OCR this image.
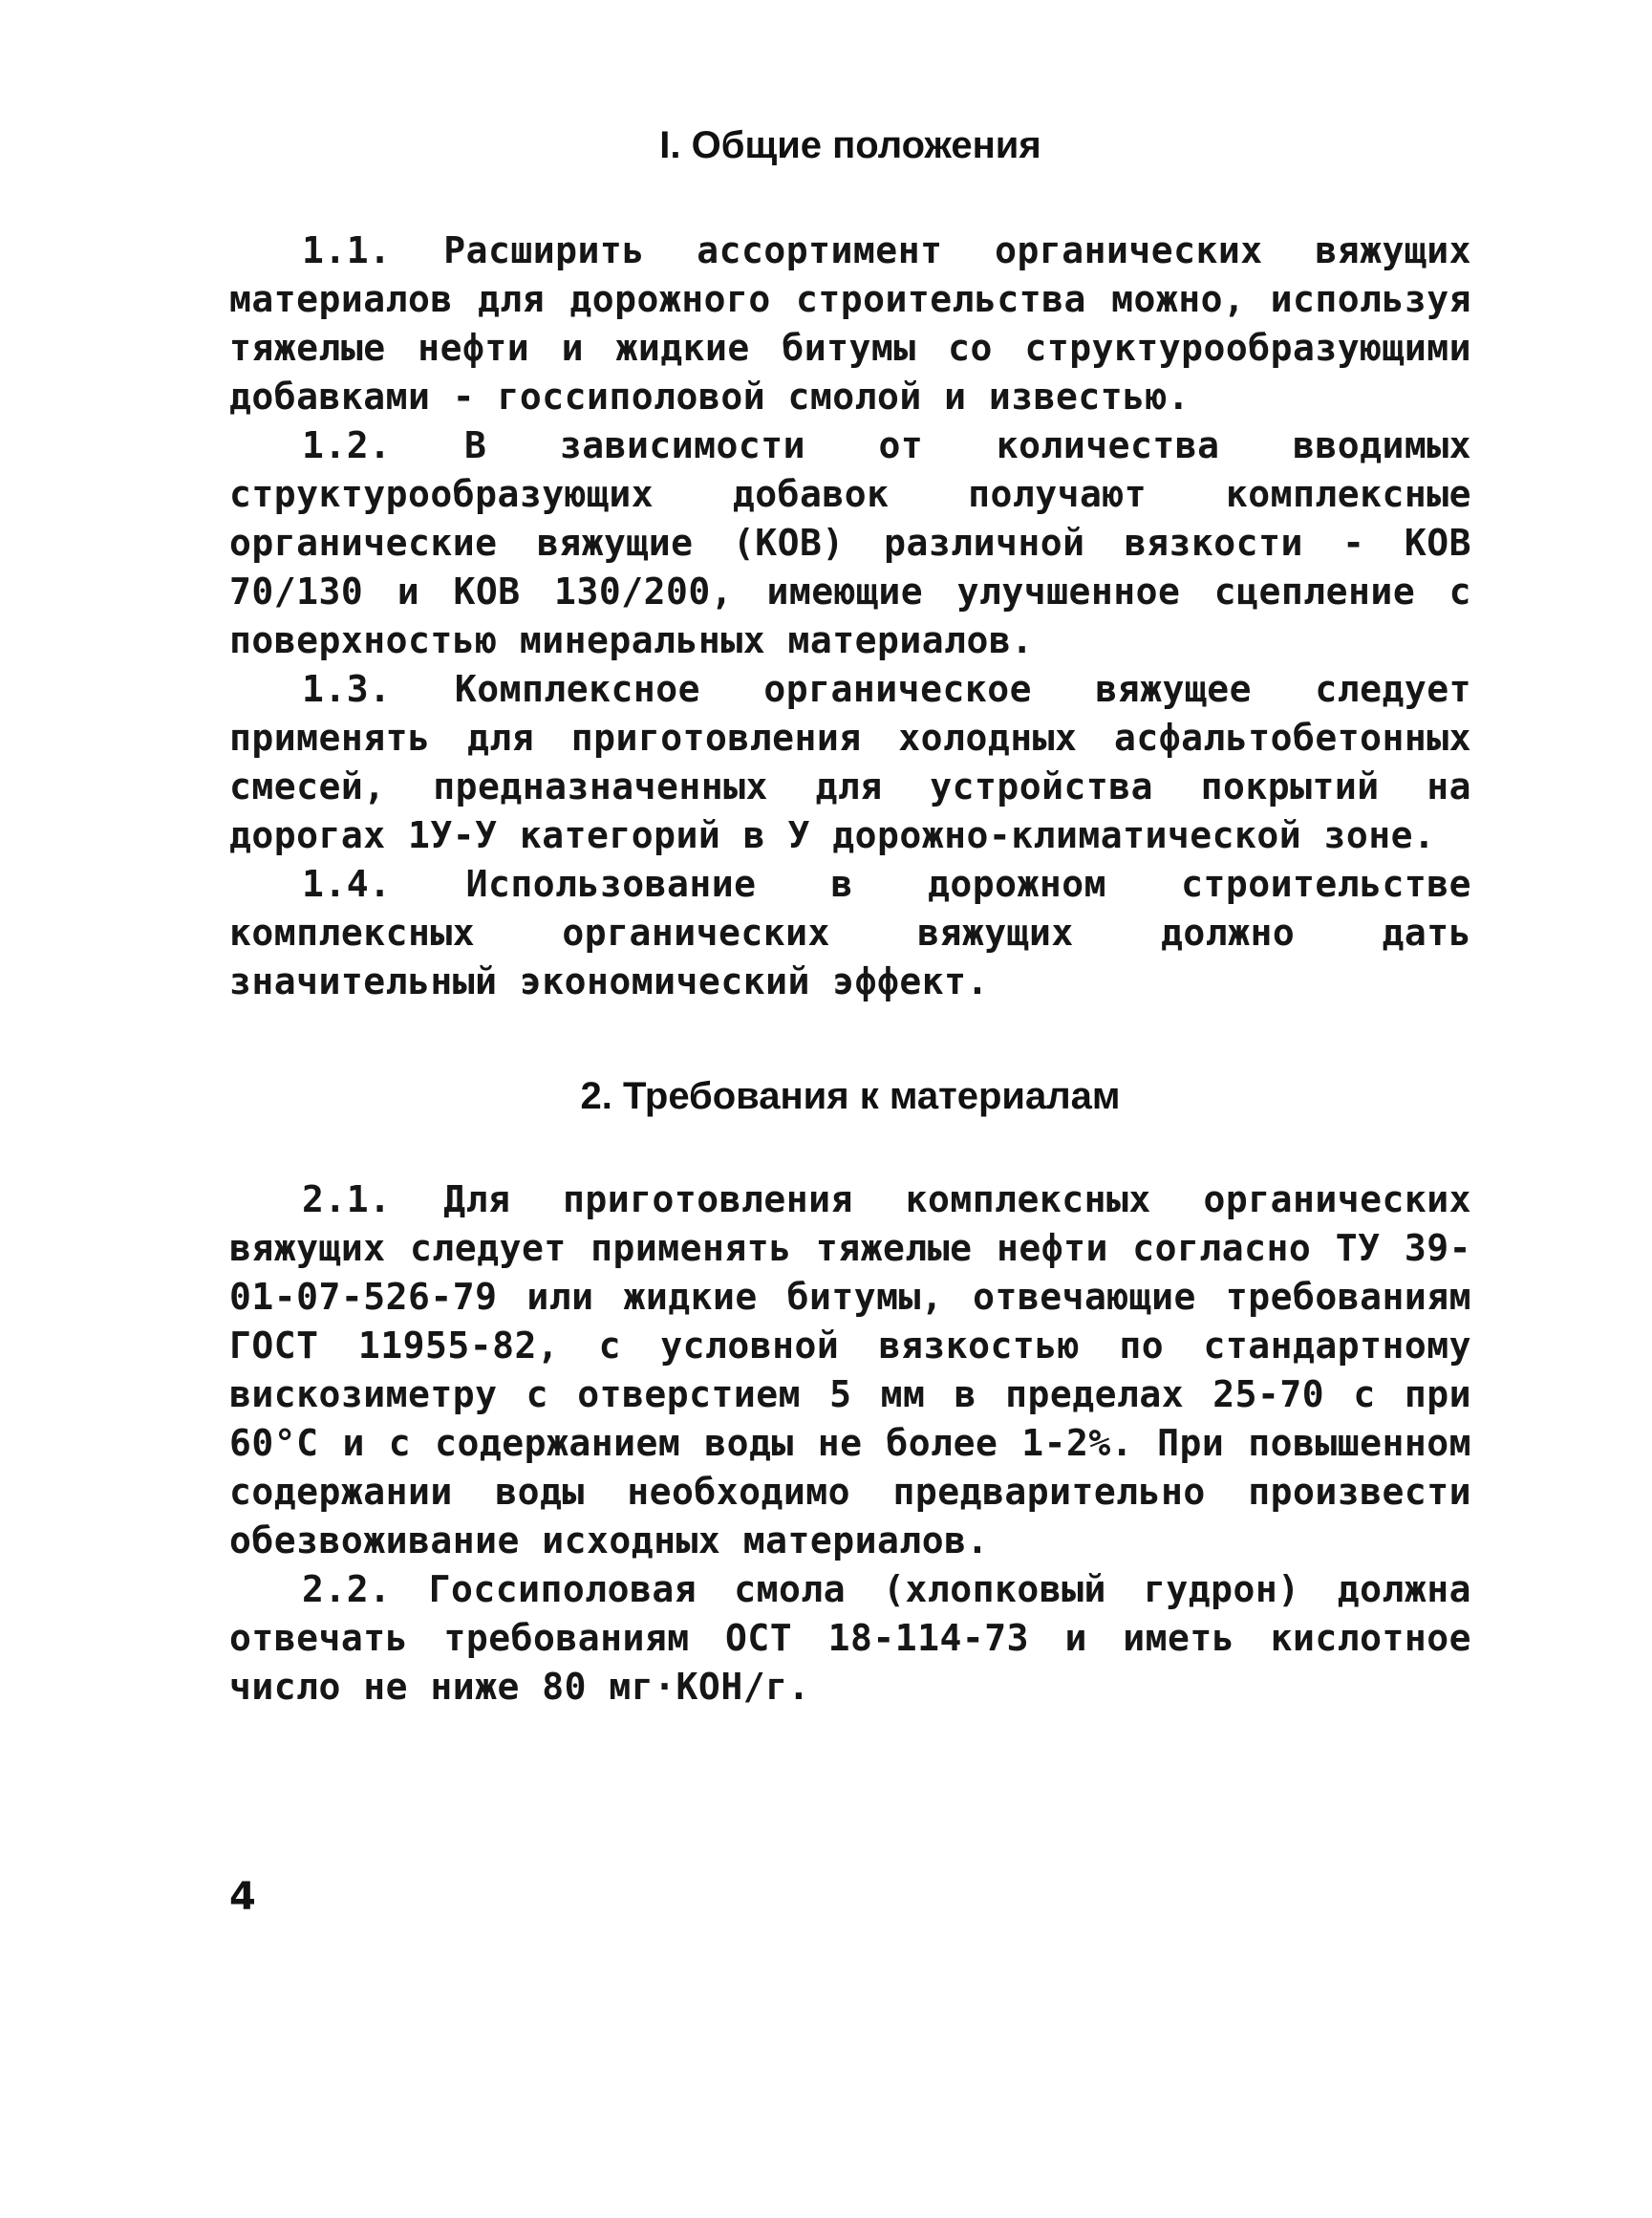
I. Общие положения

1.1. Расширить ассортимент органических вяжущих материалов для дорожного строительства можно, используя тяжелые нефти и жидкие битумы со структурообразующими добавками - госсиполовой смолой и известью.

1.2. В зависимости от количества вводимых структурообразующих добавок получают комплексные органические вяжущие (КОВ) различной вязкости - КОВ 70/130 и КОВ 130/200, имеющие улучшенное сцепление с поверхностью минеральных материалов.

1.3. Комплексное органическое вяжущее следует применять для приготовления холодных асфальтобетонных смесей, предназначенных для устройства покрытий на дорогах 1У-У категорий в У дорожно-климатической зоне.

1.4. Использование в дорожном строительстве комплексных органических вяжущих должно дать значительный экономический эффект.

2. Требования к материалам

2.1. Для приготовления комплексных органических вяжущих следует применять тяжелые нефти согласно ТУ 39-01-07-526-79 или жидкие битумы, отвечающие требованиям ГОСТ 11955-82, с условной вязкостью по стандартному вискозиметру с отверстием 5 мм в пределах 25-70 с при 60°С и с содержанием воды не более 1-2%. При повышенном содержании воды необходимо предварительно произвести обезвоживание исходных материалов.

2.2. Госсиполовая смола (хлопковый гудрон) должна отвечать требованиям ОСТ 18-114-73 и иметь кислотное число не ниже 80 мг·КОН/г.

4
